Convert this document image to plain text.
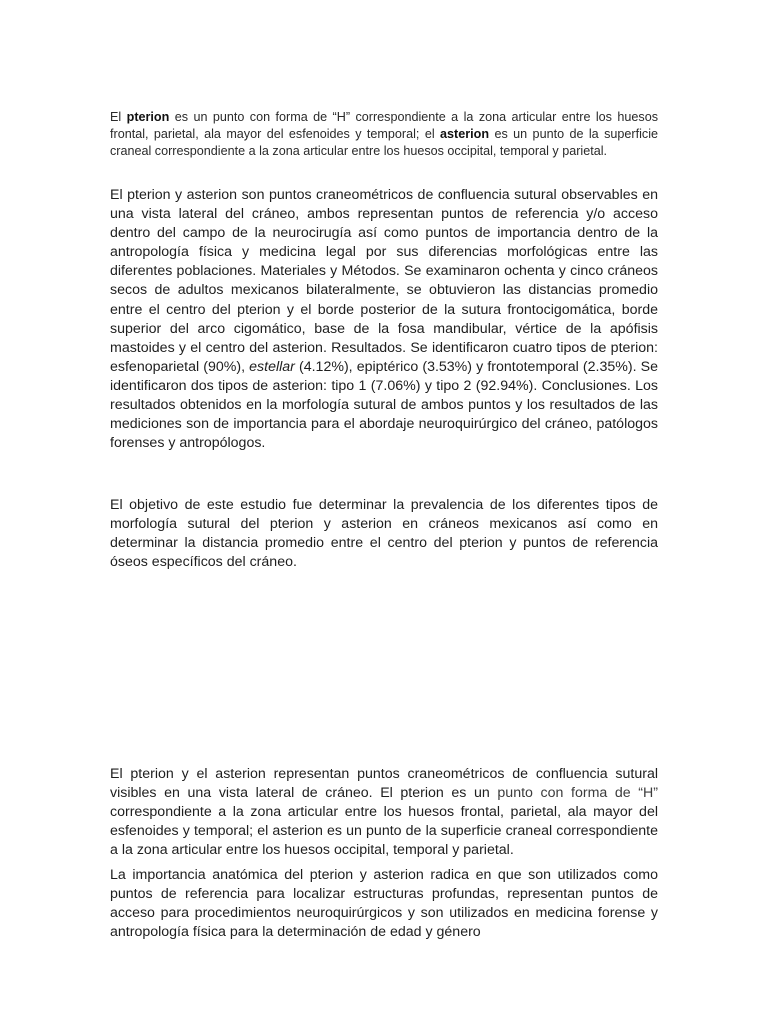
El pterion es un punto con forma de “H” correspondiente a la zona articular entre los huesos frontal, parietal, ala mayor del esfenoides y temporal; el asterion es un punto de la superficie craneal correspondiente a la zona articular entre los huesos occipital, temporal y parietal.

El pterion y asterion son puntos craneométricos de confluencia sutural observables en una vista lateral del cráneo, ambos representan puntos de referencia y/o acceso dentro del campo de la neurocirugía así como puntos de importancia dentro de la antropología física y medicina legal por sus diferencias morfológicas entre las diferentes poblaciones. Materiales y Métodos. Se examinaron ochenta y cinco cráneos secos de adultos mexicanos bilateralmente, se obtuvieron las distancias promedio entre el centro del pterion y el borde posterior de la sutura frontocigomática, borde superior del arco cigomático, base de la fosa mandibular, vértice de la apófisis mastoides y el centro del asterion. Resultados. Se identificaron cuatro tipos de pterion: esfenoparietal (90%), estellar (4.12%), epiptérico (3.53%) y frontotemporal (2.35%). Se identificaron dos tipos de asterion: tipo 1 (7.06%) y tipo 2 (92.94%). Conclusiones. Los resultados obtenidos en la morfología sutural de ambos puntos y los resultados de las mediciones son de importancia para el abordaje neuroquirúrgico del cráneo, patólogos forenses y antropólogos.

El objetivo de este estudio fue determinar la prevalencia de los diferentes tipos de morfología sutural del pterion y asterion en cráneos mexicanos así como en determinar la distancia promedio entre el centro del pterion y puntos de referencia óseos específicos del cráneo.

El pterion y el asterion representan puntos craneométricos de confluencia sutural visibles en una vista lateral de cráneo. El pterion es un punto con forma de “H” correspondiente a la zona articular entre los huesos frontal, parietal, ala mayor del esfenoides y temporal; el asterion es un punto de la superficie craneal correspondiente a la zona articular entre los huesos occipital, temporal y parietal.

La importancia anatómica del pterion y asterion radica en que son utilizados como puntos de referencia para localizar estructuras profundas, representan puntos de acceso para procedimientos neuroquirúrgicos y son utilizados en medicina forense y antropología física para la determinación de edad y género
